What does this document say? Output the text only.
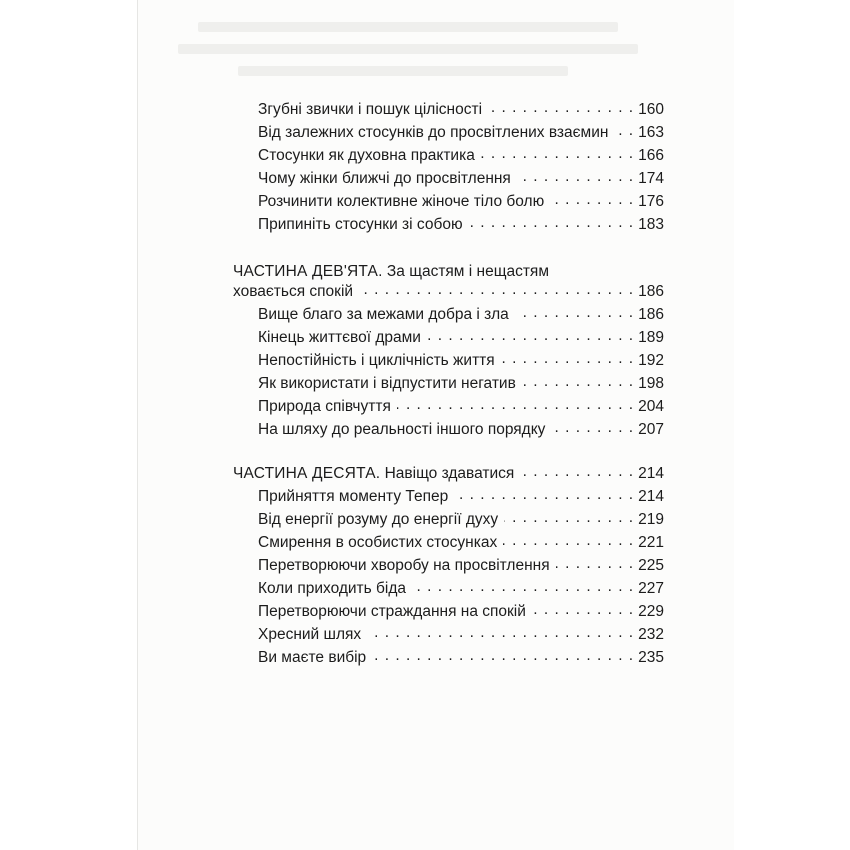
Згубні звички і пошук цілісності . . .	160
Від залежних стосунків до просвітлених взаємин . . . 163
Стосунки як духовна практика . . .	166
Чому жінки ближчі до просвітлення . . .	174
Розчинити колективне жіноче тіло болю . . .	176
Припиніть стосунки зі собою . . .	183
ЧАСТИНА ДЕВ'ЯТА. За щастям і нещастям
ховається спокій . . .	186
Вище благо за межами добра і зла . . .	186
Кінець життєвої драми . . .	189
Непостійність і циклічність життя . . .	192
Як використати і відпустити негатив . . .	198
Природа співчуття . . .	204
На шляху до реальності іншого порядку . . .	207
ЧАСТИНА ДЕСЯТА. Навіщо здаватися . . .	214
Прийняття моменту Тепер . . .	214
Від енергії розуму до енергії духу . . .	219
Смирення в особистих стосунках . . .	221
Перетворюючи хворобу на просвітлення . . .	225
Коли приходить біда . . .	227
Перетворюючи страждання на спокій . . .	229
Хресний шлях . . .	232
Ви маєте вибір . . .	235
